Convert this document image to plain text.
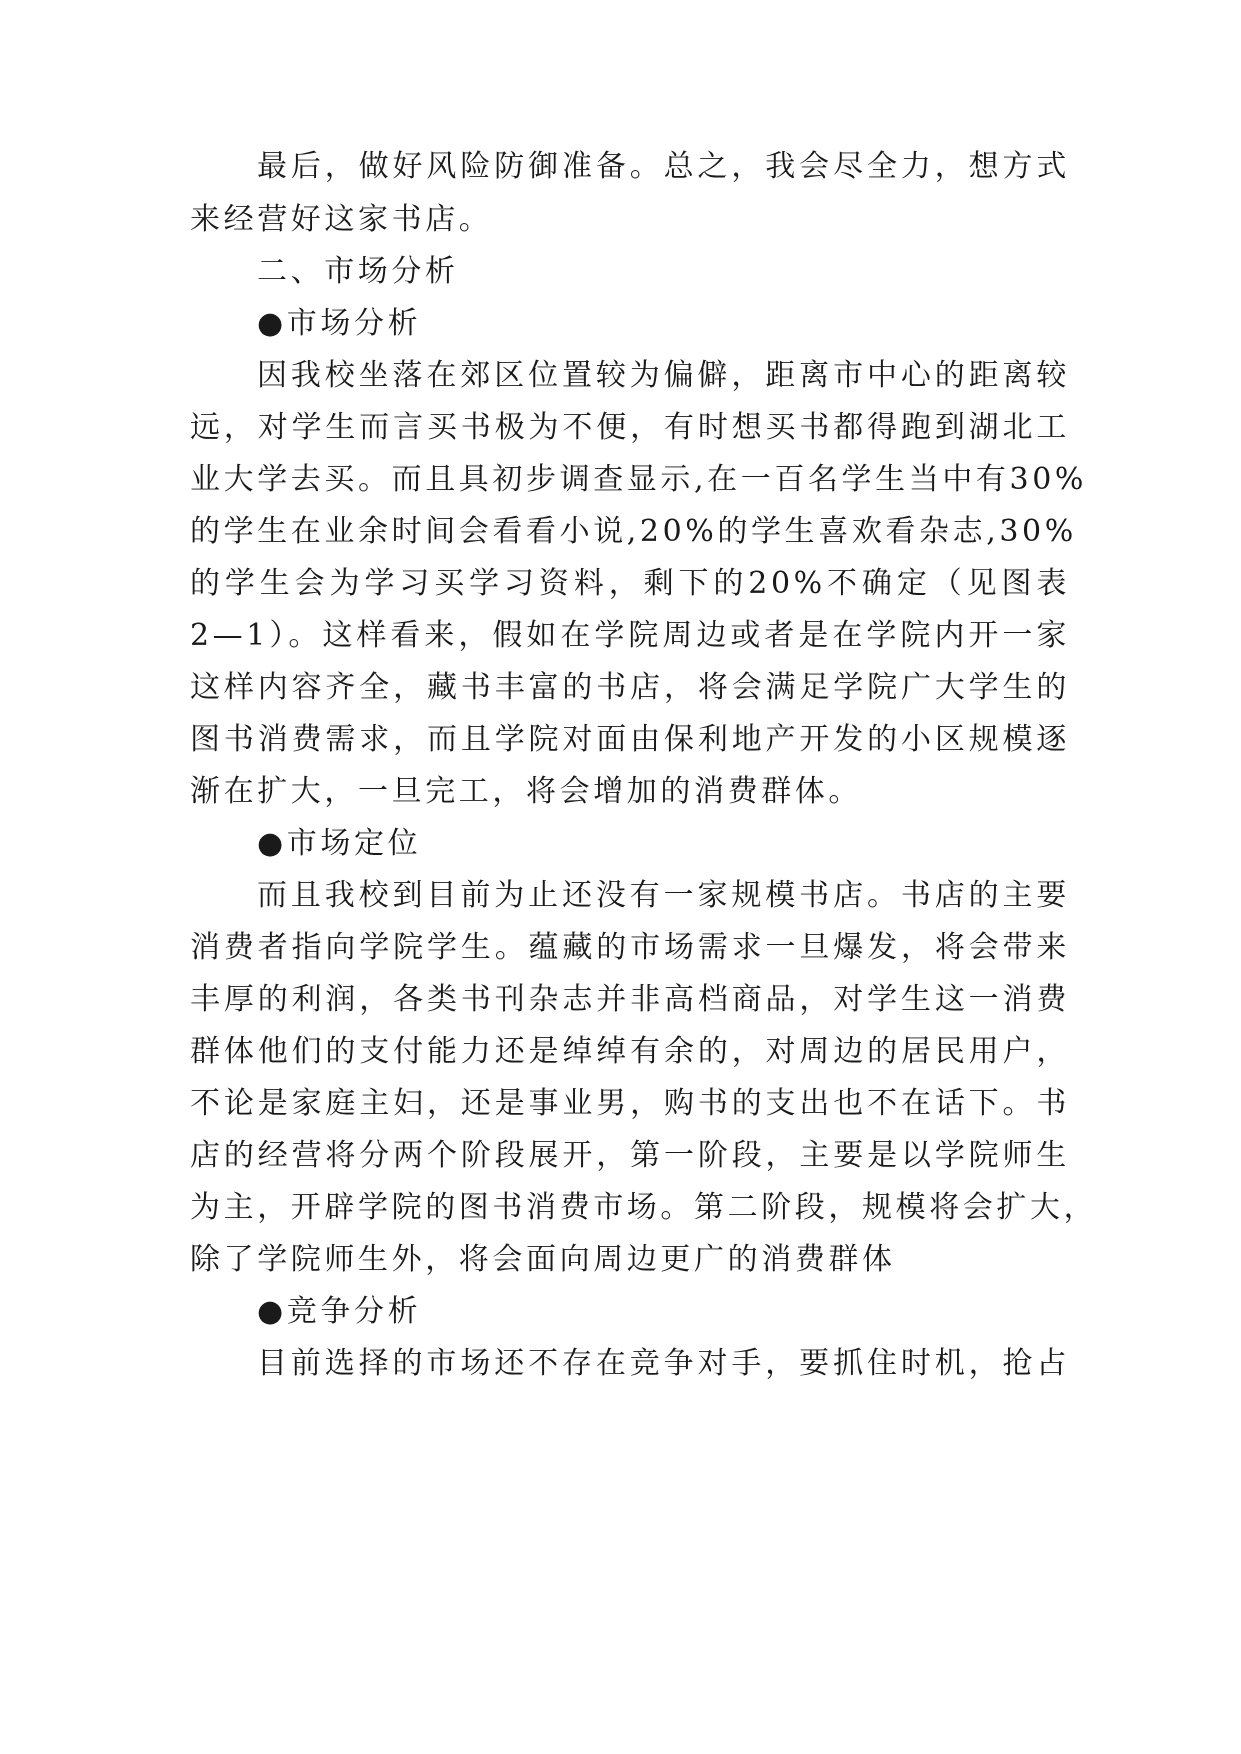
最后，做好风险防御准备。总之，我会尽全力，想方式
来经营好这家书店。
二、市场分析
●市场分析
因我校坐落在郊区位置较为偏僻，距离市中心的距离较
远，对学生而言买书极为不便，有时想买书都得跑到湖北工
业大学去买。而且具初步调查显示,在一百名学生当中有30%
的学生在业余时间会看看小说,20%的学生喜欢看杂志,30%
的学生会为学习买学习资料，剩下的20%不确定（见图表
2—1）。这样看来，假如在学院周边或者是在学院内开一家
这样内容齐全，藏书丰富的书店，将会满足学院广大学生的
图书消费需求，而且学院对面由保利地产开发的小区规模逐
渐在扩大，一旦完工，将会增加的消费群体。
●市场定位
而且我校到目前为止还没有一家规模书店。书店的主要
消费者指向学院学生。蕴藏的市场需求一旦爆发，将会带来
丰厚的利润，各类书刊杂志并非高档商品，对学生这一消费
群体他们的支付能力还是绰绰有余的，对周边的居民用户，
不论是家庭主妇，还是事业男，购书的支出也不在话下。书
店的经营将分两个阶段展开，第一阶段，主要是以学院师生
为主，开辟学院的图书消费市场。第二阶段，规模将会扩大，
除了学院师生外，将会面向周边更广的消费群体
●竞争分析
目前选择的市场还不存在竞争对手，要抓住时机，抢占
